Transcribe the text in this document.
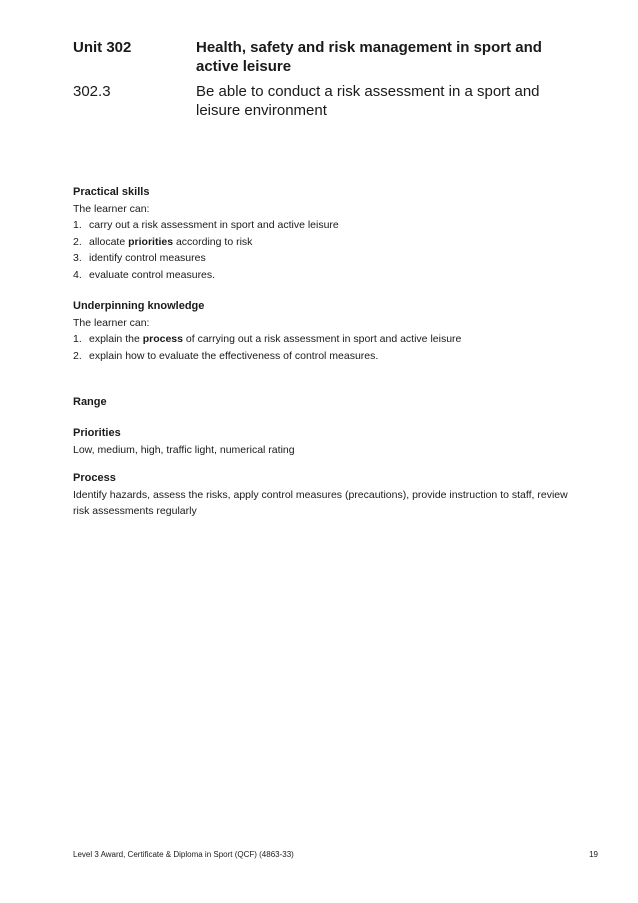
Unit 302	Health, safety and risk management in sport and active leisure
302.3	Be able to conduct a risk assessment in a sport and leisure environment
Practical skills

The learner can:

1. carry out a risk assessment in sport and active leisure
2. allocate priorities according to risk
3. identify control measures
4. evaluate control measures.
Underpinning knowledge

The learner can:

1. explain the process of carrying out a risk assessment in sport and active leisure
2. explain how to evaluate the effectiveness of control measures.
Range
Priorities

Low, medium, high, traffic light, numerical rating

Process

Identify hazards, assess the risks, apply control measures (precautions), provide instruction to staff, review risk assessments regularly

Level 3 Award, Certificate & Diploma in Sport (QCF) (4863-33)	19
